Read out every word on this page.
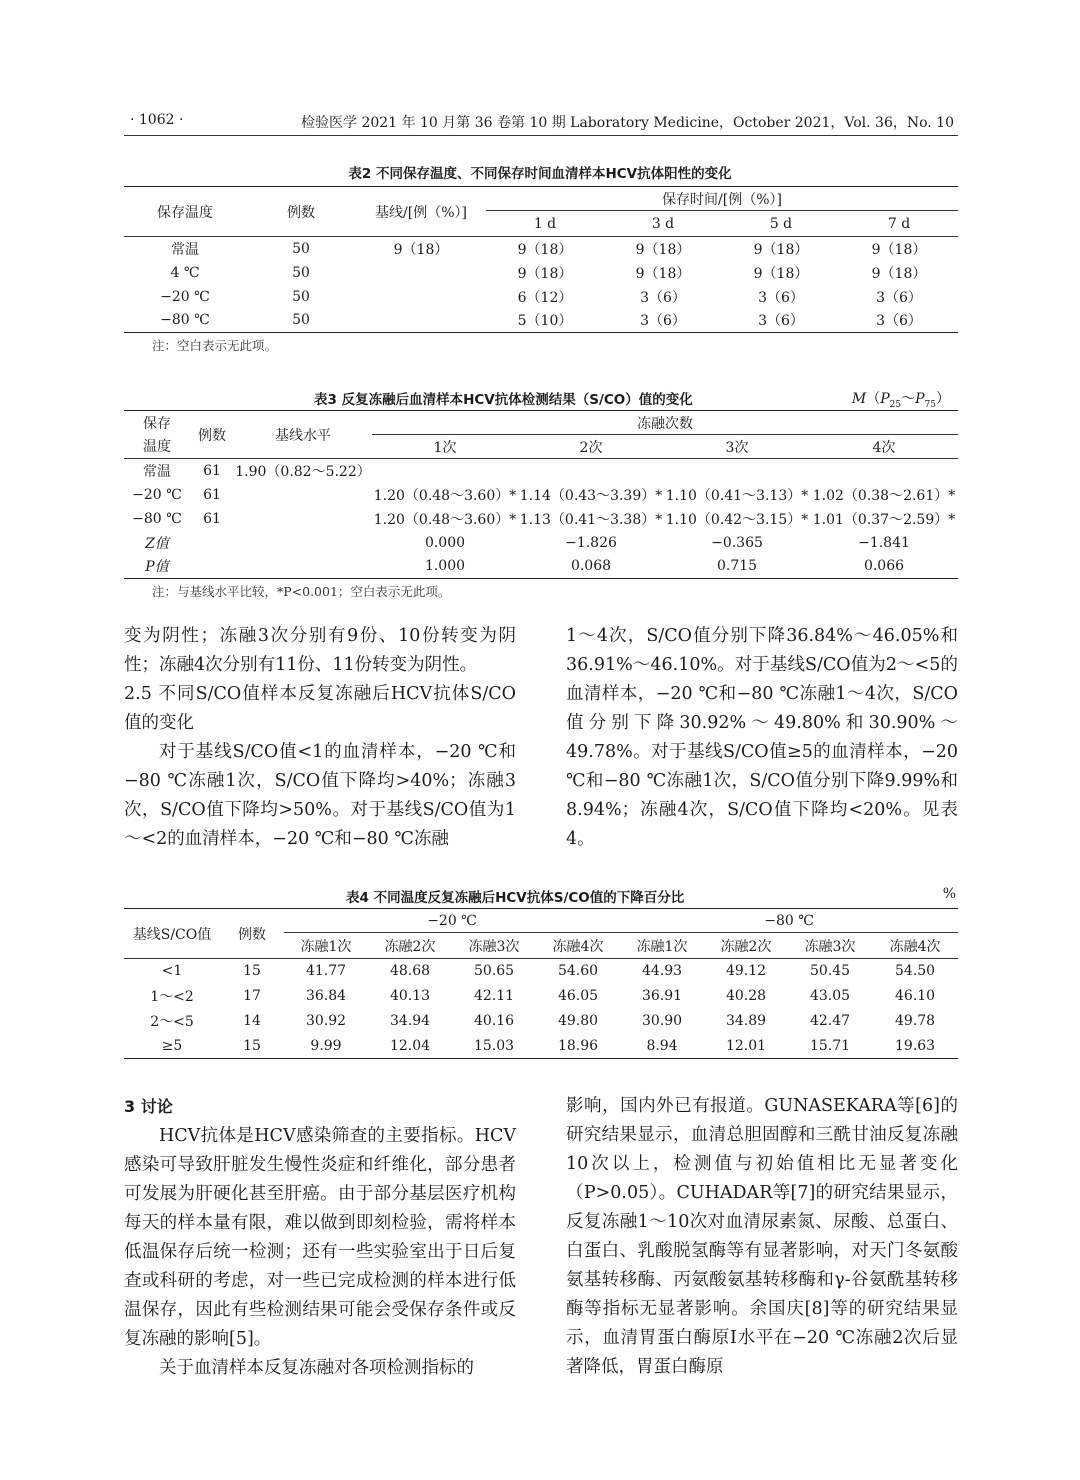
· 1062 ·	检验医学 2021 年 10 月第 36 卷第 10 期 Laboratory Medicine，October 2021，Vol. 36，No. 10
表2 不同保存温度、不同保存时间血清样本HCV抗体阳性的变化
保存温度	例数	基线/[例（%）]	保存时间/[例（%）]			
			1 d	3 d	5 d	7 d
常温	50	9（18）	9（18）	9（18）	9（18）	9（18）
4 ℃	50		9（18）	9（18）	9（18）	9（18）
−20 ℃	50		6（12）	3（6）	3（6）	3（6）
−80 ℃	50		5（10）	3（6）	3（6）	3（6）
注：空白表示无此项。
表3 反复冻融后血清样本HCV抗体检测结果（S/CO）值的变化	$M(P_{25}\sim P_{75})$
保存	例数	基线水平	冻融次数			
温度			1次	2次	3次	4次
常温	61	1.90（0.82～5.22）				
−20 ℃	61		1.20（0.48～3.60）*	1.14（0.43～3.39）*	1.10（0.41～3.13）*	1.02（0.38～2.61）*
−80 ℃	61		1.20（0.48～3.60）*	1.13（0.41～3.38）*	1.10（0.42～3.15）*	1.01（0.37～2.59）*
Z值			0.000	−1.826	−0.365	−1.841
P值			1.000	0.068	0.715	0.066
注：与基线水平比较，*P<0.001；空白表示无此项。

变为阴性；冻融3次分别有9份、10份转变为阴性；冻融4次分别有11份、11份转变为阴性。

2.5 不同S/CO值样本反复冻融后HCV抗体S/CO值的变化

对于基线S/CO值<1的血清样本，−20 ℃和−80 ℃冻融1次，S/CO值下降均>40%；冻融3次，S/CO值下降均>50%。对于基线S/CO值为1～<2的血清样本，−20 ℃和−80 ℃冻融

1～4次，S/CO值分别下降36.84%～46.05%和36.91%～46.10%。对于基线S/CO值为2～<5的血清样本，−20 ℃和−80 ℃冻融1～4次，S/CO值分别下降30.92%～49.80%和30.90%～49.78%。对于基线S/CO值≥5的血清样本，−20 ℃和−80 ℃冻融1次，S/CO值分别下降9.99%和8.94%；冻融4次，S/CO值下降均<20%。见表4。

表4 不同温度反复冻融后HCV抗体S/CO值的下降百分比	%
基线S/CO值	例数	−20 ℃				−80 ℃			
		冻融1次	冻融2次	冻融3次	冻融4次	冻融1次	冻融2次	冻融3次	冻融4次
<1	15	41.77	48.68	50.65	54.60	44.93	49.12	50.45	54.50
1～<2	17	36.84	40.13	42.11	46.05	36.91	40.28	43.05	46.10
2～<5	14	30.92	34.94	40.16	49.80	30.90	34.89	42.47	49.78
≥5	15	9.99	12.04	15.03	18.96	8.94	12.01	15.71	19.63

3 讨论

HCV抗体是HCV感染筛查的主要指标。HCV感染可导致肝脏发生慢性炎症和纤维化，部分患者可发展为肝硬化甚至肝癌。由于部分基层医疗机构每天的样本量有限，难以做到即刻检验，需将样本低温保存后统一检测；还有一些实验室出于日后复查或科研的考虑，对一些已完成检测的样本进行低温保存，因此有些检测结果可能会受保存条件或反复冻融的影响[5]。

关于血清样本反复冻融对各项检测指标的

影响，国内外已有报道。GUNASEKARA等[6]的研究结果显示，血清总胆固醇和三酰甘油反复冻融10次以上，检测值与初始值相比无显著变化（P>0.05）。CUHADAR等[7]的研究结果显示，反复冻融1～10次对血清尿素氮、尿酸、总蛋白、白蛋白、乳酸脱氢酶等有显著影响，对天门冬氨酸氨基转移酶、丙氨酸氨基转移酶和γ-谷氨酰基转移酶等指标无显著影响。余国庆[8]等的研究结果显示，血清胃蛋白酶原Ⅰ水平在−20 ℃冻融2次后显著降低，胃蛋白酶原
